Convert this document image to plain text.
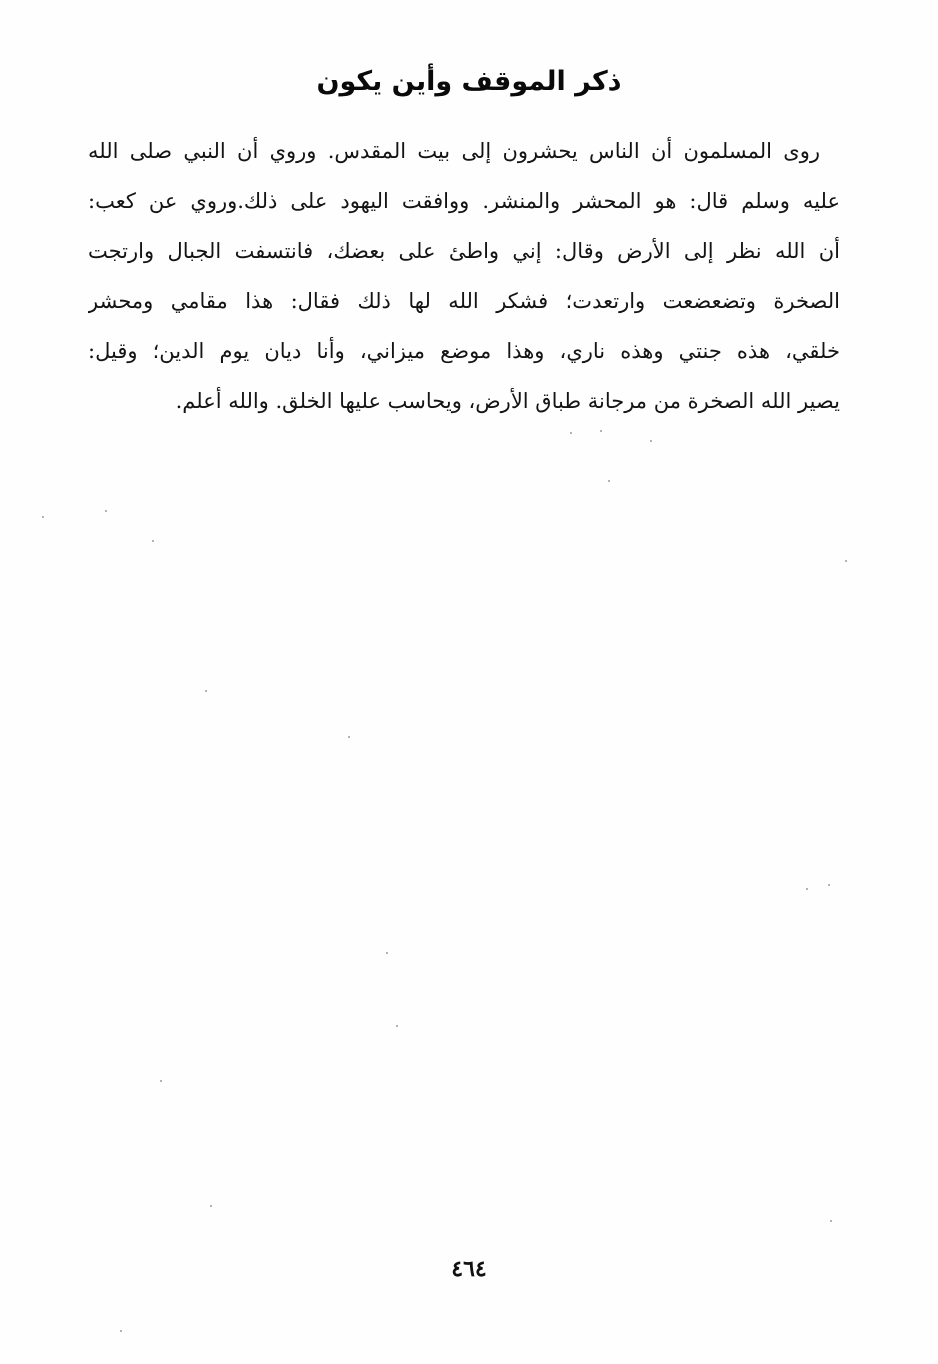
ذكر الموقف وأين يكون
روى المسلمون أن الناس يحشرون إلى بيت المقدس. وروي أن النبي صلى الله
عليه وسلم قال: هو المحشر والمنشر. ووافقت اليهود على ذلك.وروي عن كعب:
أن الله نظر إلى الأرض وقال: إني واطئ على بعضك، فانتسفت الجبال وارتجت
الصخرة وتضعضعت وارتعدت؛ فشكر الله لها ذلك فقال: هذا مقامي ومحشر
خلقي، هذه جنتي وهذه ناري، وهذا موضع ميزاني، وأنا ديان يوم الدين؛ وقيل:
يصير الله الصخرة من مرجانة طباق الأرض، ويحاسب عليها الخلق. والله أعلم.
٤٦٤
